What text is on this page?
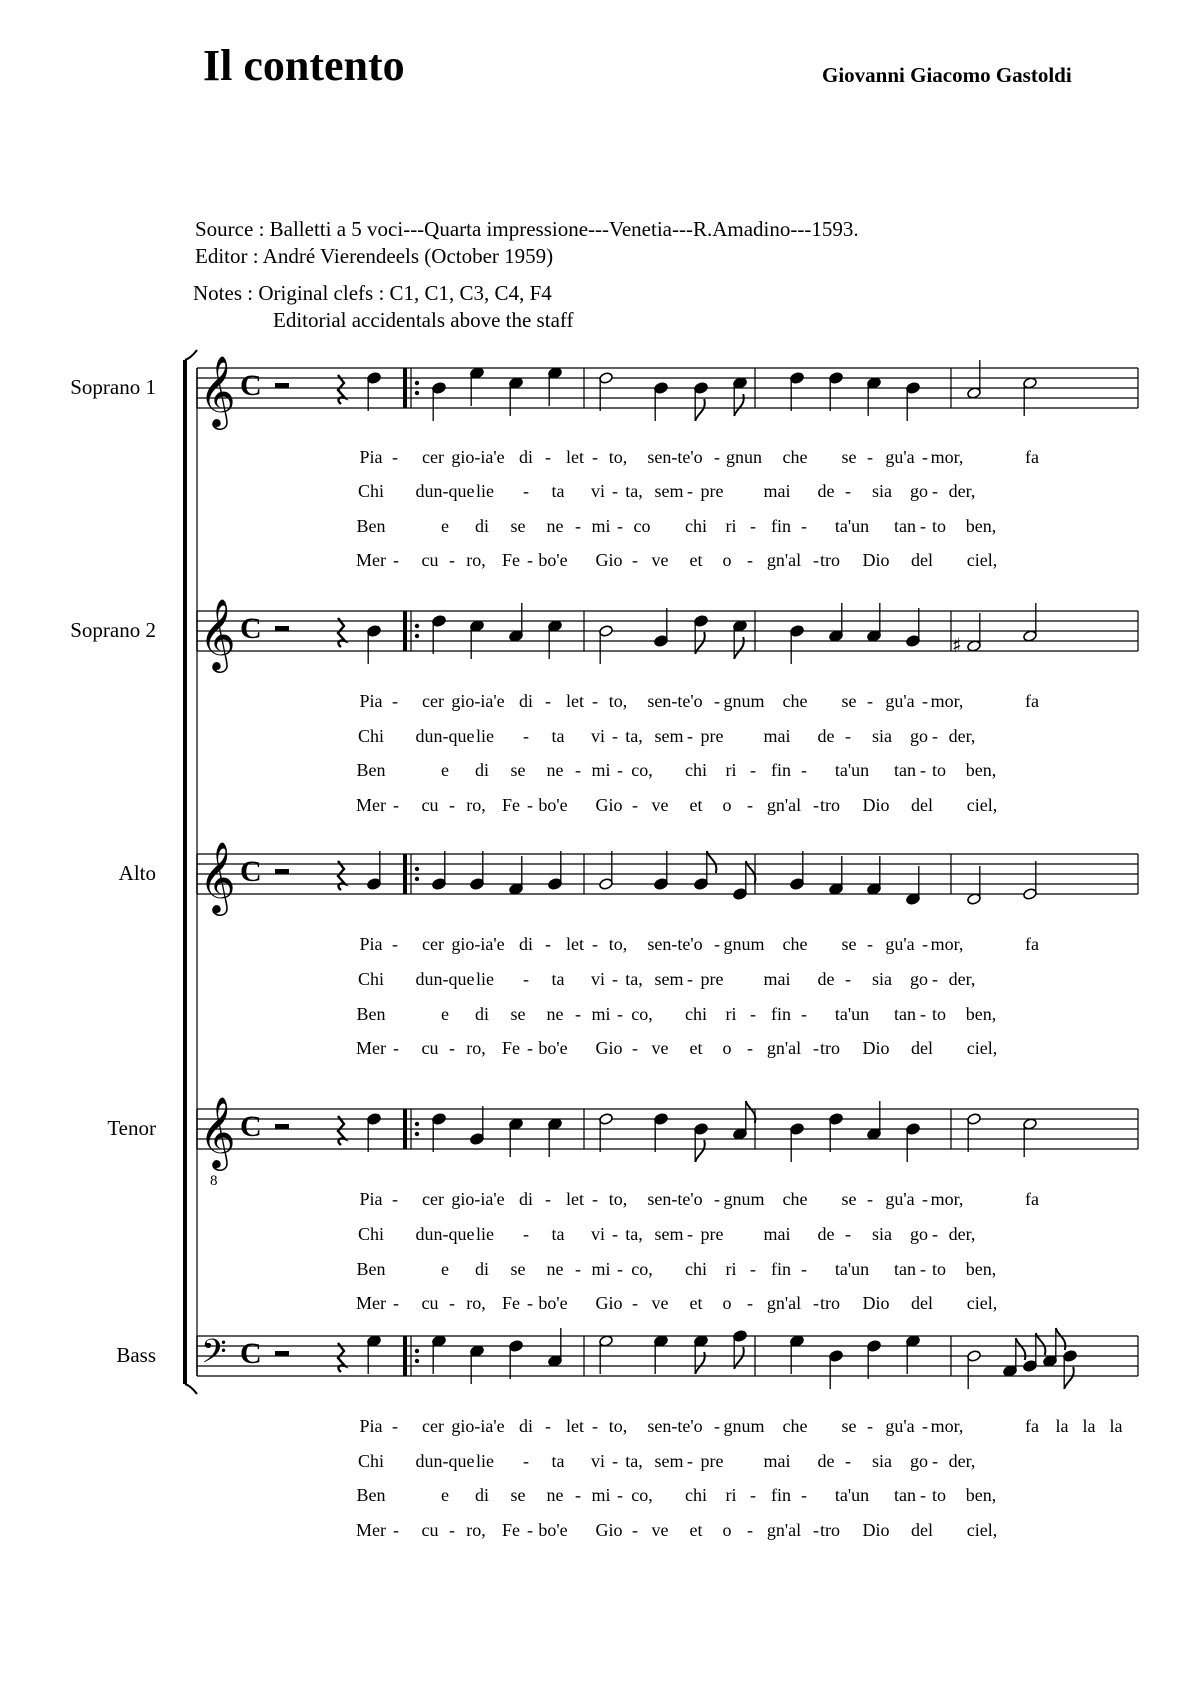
Il contento	Giovanni Giacomo Gastoldi
Source : Balletti a 5 voci---Quarta impressione---Venetia---R.Amadino---1593.
Editor : André Vierendeels (October 1959)
Notes : Original clefs : C1, C1, C3, C4, F4
Editorial accidentals above the staff
𝄞 C
Soprano 1
Pia - cer gio-ia'e di - let - to, sen-te'o - gnun che se - gu'a - mor,	fa
Chi dun-que lie - ta vi - ta, sem - pre mai de - sia go - der,
Ben	e di se ne - mi - co chi ri - fin - ta'un tan - to ben,
Mer - cu - ro, Fe - bo'e Gio - ve et o - gn'al - tro Dio del ciel,
𝄞 C	♯
Soprano 2
Pia - cer gio-ia'e di - let - to, sen-te'o - gnum che se - gu'a - mor,	fa
Chi dun-que lie - ta vi - ta, sem - pre mai de - sia go - der,
Ben	e di se ne - mi - co, chi ri - fin - ta'un tan - to ben,
Mer - cu - ro, Fe - bo'e Gio - ve et o - gn'al - tro Dio del ciel,
𝄞 C
Alto
Pia - cer gio-ia'e di - let - to, sen-te'o - gnum che se - gu'a - mor,	fa
Chi dun-que lie - ta vi - ta, sem - pre mai de - sia go - der,
Ben	e di se ne - mi - co, chi ri - fin - ta'un tan - to ben,
Mer - cu - ro, Fe - bo'e Gio - ve et o - gn'al - tro Dio del ciel,
𝄞
8
C
Tenor
Pia - cer gio-ia'e di - let - to, sen-te'o - gnum che se - gu'a - mor,	fa
Chi dun-que lie - ta vi - ta, sem - pre mai de - sia go - der,
Ben	e di se ne - mi - co, chi ri - fin - ta'un tan - to ben,
Mer - cu - ro, Fe - bo'e Gio - ve et o - gn'al - tro Dio del ciel,
𝄢 C
Bass
Pia - cer gio-ia'e di - let - to, sen-te'o - gnum che se - gu'a - mor,	fa la la la
Chi dun-que lie - ta vi - ta, sem - pre mai de - sia go - der,
Ben	e di se ne - mi - co, chi ri - fin - ta'un tan - to ben,
Mer - cu - ro, Fe - bo'e Gio - ve et o - gn'al - tro Dio del ciel,
